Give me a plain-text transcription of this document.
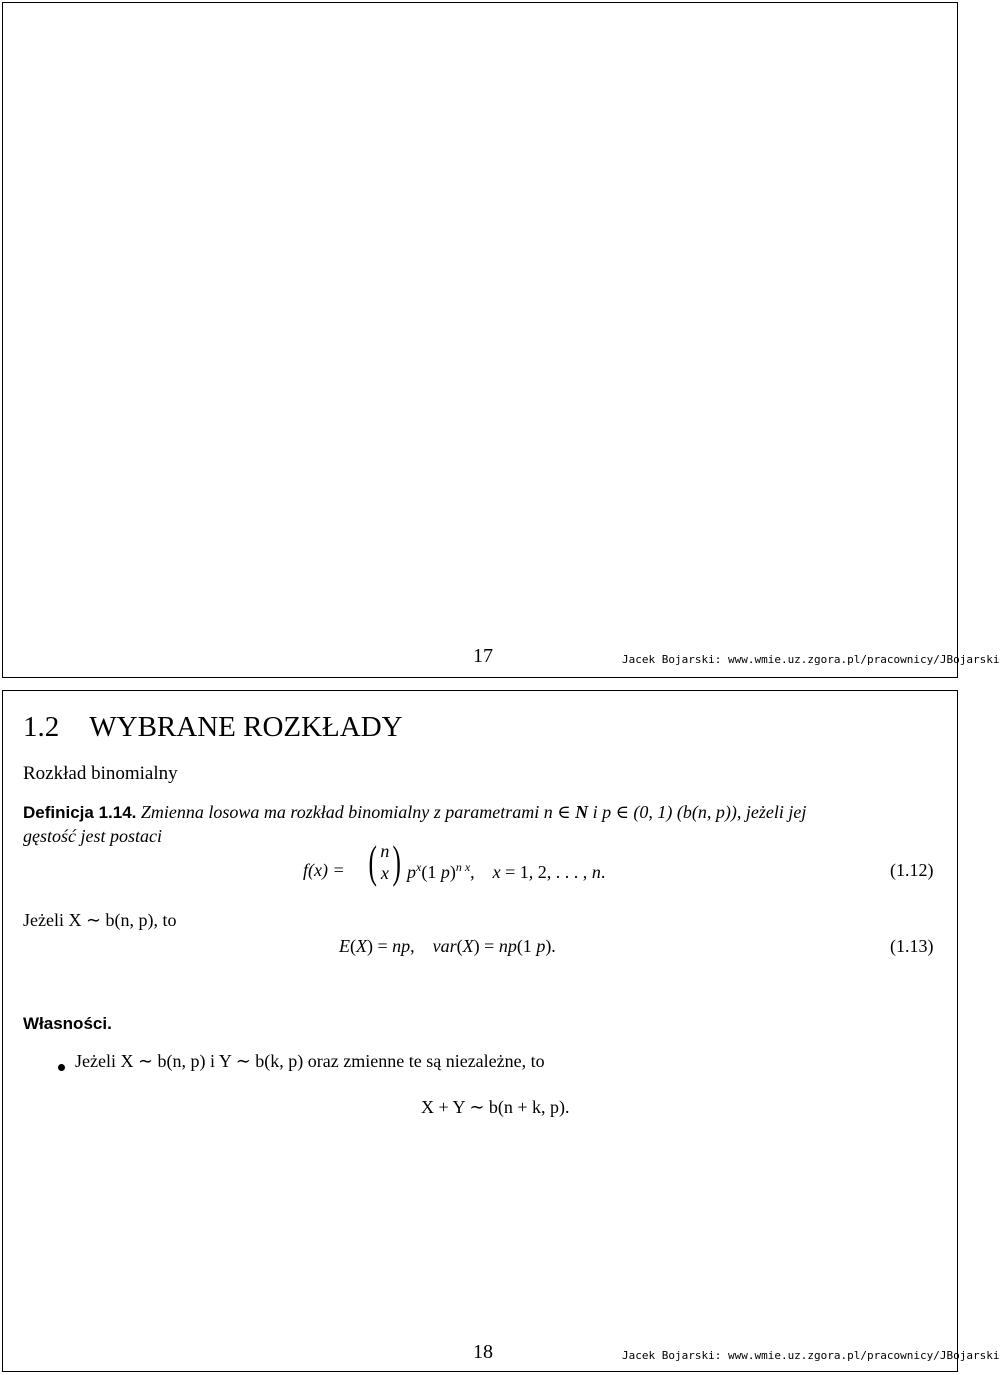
17	Jacek Bojarski: www.wmie.uz.zgora.pl/pracownicy/JBojarski
1.2 WYBRANE ROZKŁADY
Rozkład binomialny
Definicja 1.14. Zmienna losowa ma rozkład binomialny z parametrami n ∈ N i p ∈ (0, 1) (b(n, p)), jeżeli jej
gęstość jest postaci
f(x) = ( n
x ) $p^x(1$ p)$^{n x}$,    x = 1, 2, . . . , n.	(1.12)
Jeżeli X ∼ b(n, p), to
E(X) = np,    var(X) = np(1 p).	(1.13)
Własności.
Jeżeli X ∼ b(n, p) i Y ∼ b(k, p) oraz zmienne te są niezależne, to
X + Y ∼ b(n + k, p).
18	Jacek Bojarski: www.wmie.uz.zgora.pl/pracownicy/JBojarski
